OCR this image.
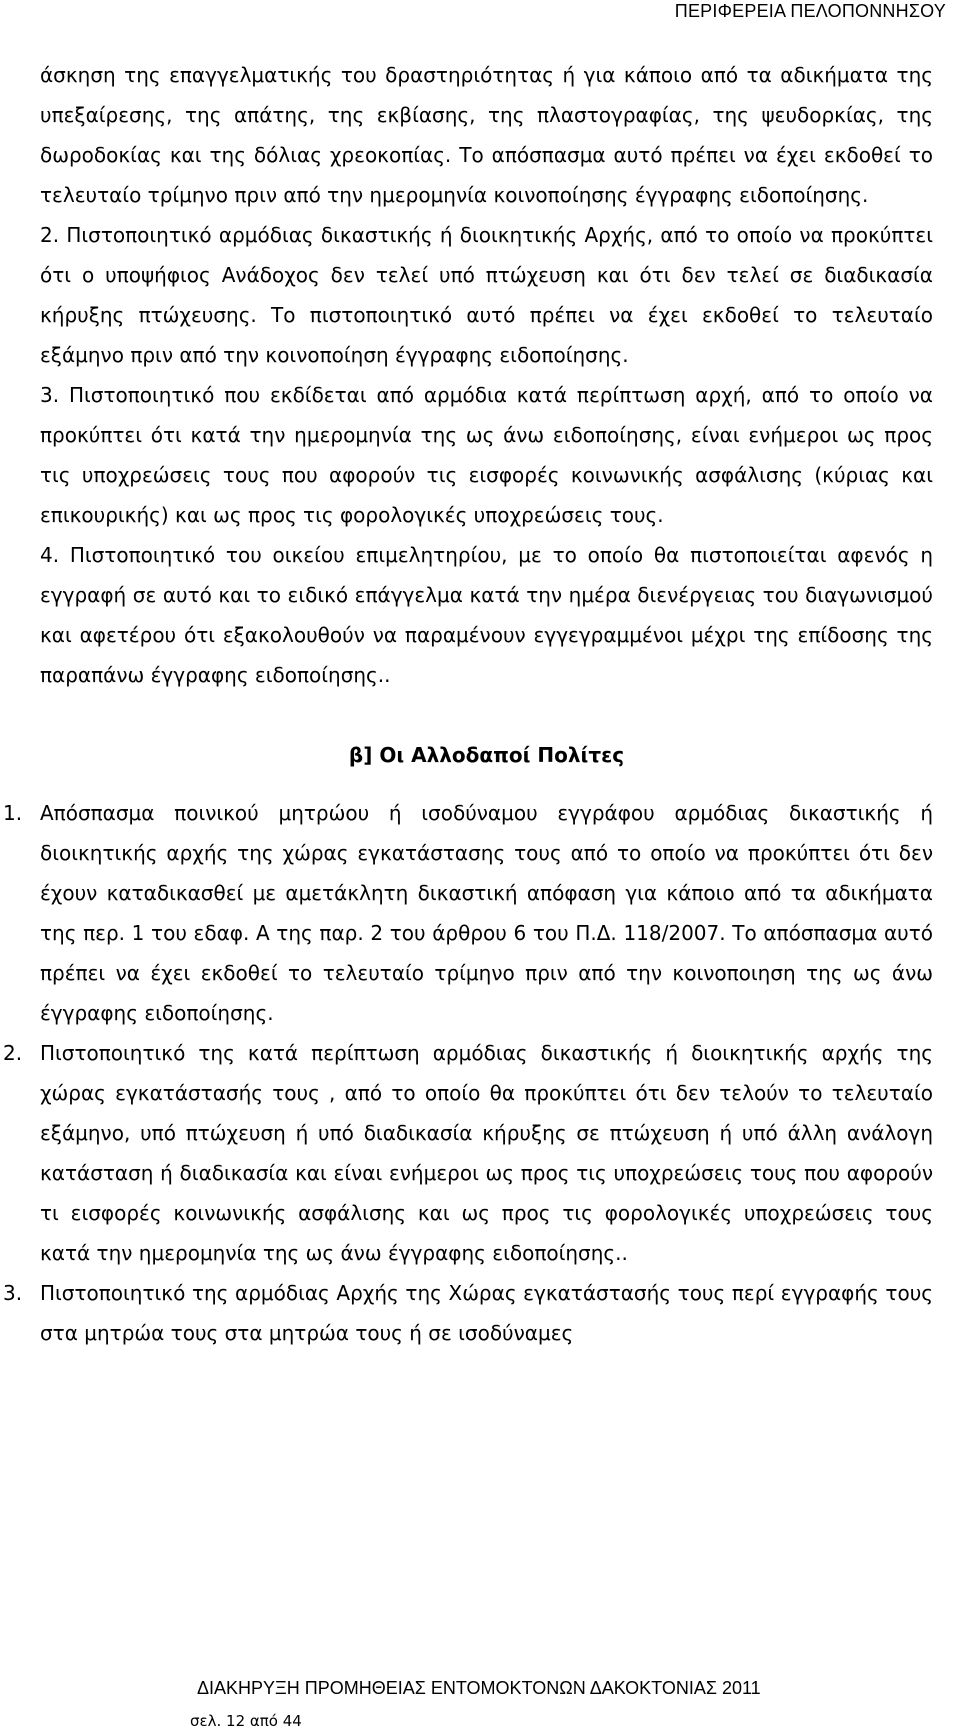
ΠΕΡΙΦΕΡΕΙΑ ΠΕΛΟΠΟΝΝΗΣΟΥ

άσκηση της επαγγελματικής του δραστηριότητας ή για κάποιο από τα αδικήματα της υπεξαίρεσης, της απάτης, της εκβίασης, της πλαστογραφίας, της ψευδορκίας, της δωροδοκίας και της δόλιας χρεοκοπίας. Το απόσπασμα αυτό πρέπει να έχει εκδοθεί το τελευταίο τρίμηνο πριν από την ημερομηνία κοινοποίησης έγγραφης ειδοποίησης.

2. Πιστοποιητικό αρμόδιας δικαστικής ή διοικητικής Αρχής, από το οποίο να προκύπτει ότι ο υποψήφιος Ανάδοχος δεν τελεί υπό πτώχευση και ότι δεν τελεί σε διαδικασία κήρυξης πτώχευσης. Το πιστοποιητικό αυτό πρέπει να έχει εκδοθεί το τελευταίο εξάμηνο πριν από την κοινοποίηση έγγραφης ειδοποίησης.

3. Πιστοποιητικό που εκδίδεται από αρμόδια κατά περίπτωση αρχή, από το οποίο να προκύπτει ότι κατά την ημερομηνία της ως άνω ειδοποίησης, είναι ενήμεροι ως προς τις υποχρεώσεις τους που αφορούν τις εισφορές κοινωνικής ασφάλισης (κύριας και επικουρικής) και ως προς τις φορολογικές υποχρεώσεις τους.

4. Πιστοποιητικό του οικείου επιμελητηρίου, με το οποίο θα πιστοποιείται αφενός η εγγραφή σε αυτό και το ειδικό επάγγελμα κατά την ημέρα διενέργειας του διαγωνισμού και αφετέρου ότι εξακολουθούν να παραμένουν εγγεγραμμένοι μέχρι της επίδοσης της παραπάνω έγγραφης ειδοποίησης..

β] Οι Αλλοδαποί Πολίτες

1. Απόσπασμα ποινικού μητρώου ή ισοδύναμου εγγράφου αρμόδιας δικαστικής ή διοικητικής αρχής της χώρας εγκατάστασης τους από το οποίο να προκύπτει ότι δεν έχουν καταδικασθεί με αμετάκλητη δικαστική απόφαση για κάποιο από τα αδικήματα της περ. 1 του εδαφ. Α της παρ. 2 του άρθρου 6 του Π.Δ. 118/2007. Το απόσπασμα αυτό πρέπει να έχει εκδοθεί το τελευταίο τρίμηνο πριν από την κοινοποιηση της ως άνω έγγραφης ειδοποίησης.

2. Πιστοποιητικό της κατά περίπτωση αρμόδιας δικαστικής ή διοικητικής αρχής της χώρας εγκατάστασής τους , από το οποίο θα προκύπτει ότι δεν τελούν το τελευταίο εξάμηνο, υπό πτώχευση ή υπό διαδικασία κήρυξης σε πτώχευση ή υπό άλλη ανάλογη κατάσταση ή διαδικασία και είναι ενήμεροι ως προς τις υποχρεώσεις τους που αφορούν τι εισφορές κοινωνικής ασφάλισης και ως προς τις φορολογικές υποχρεώσεις τους κατά την ημερομηνία της ως άνω έγγραφης ειδοποίησης..

3. Πιστοποιητικό της αρμόδιας Αρχής της Χώρας εγκατάστασής τους περί εγγραφής τους στα μητρώα τους στα μητρώα τους ή σε ισοδύναμες

ΔΙΑΚΗΡΥΞΗ ΠΡΟΜΗΘΕΙΑΣ ΕΝΤΟΜΟΚΤΟΝΩΝ ΔΑΚΟΚΤΟΝΙΑΣ 2011
σελ. 12 από 44
